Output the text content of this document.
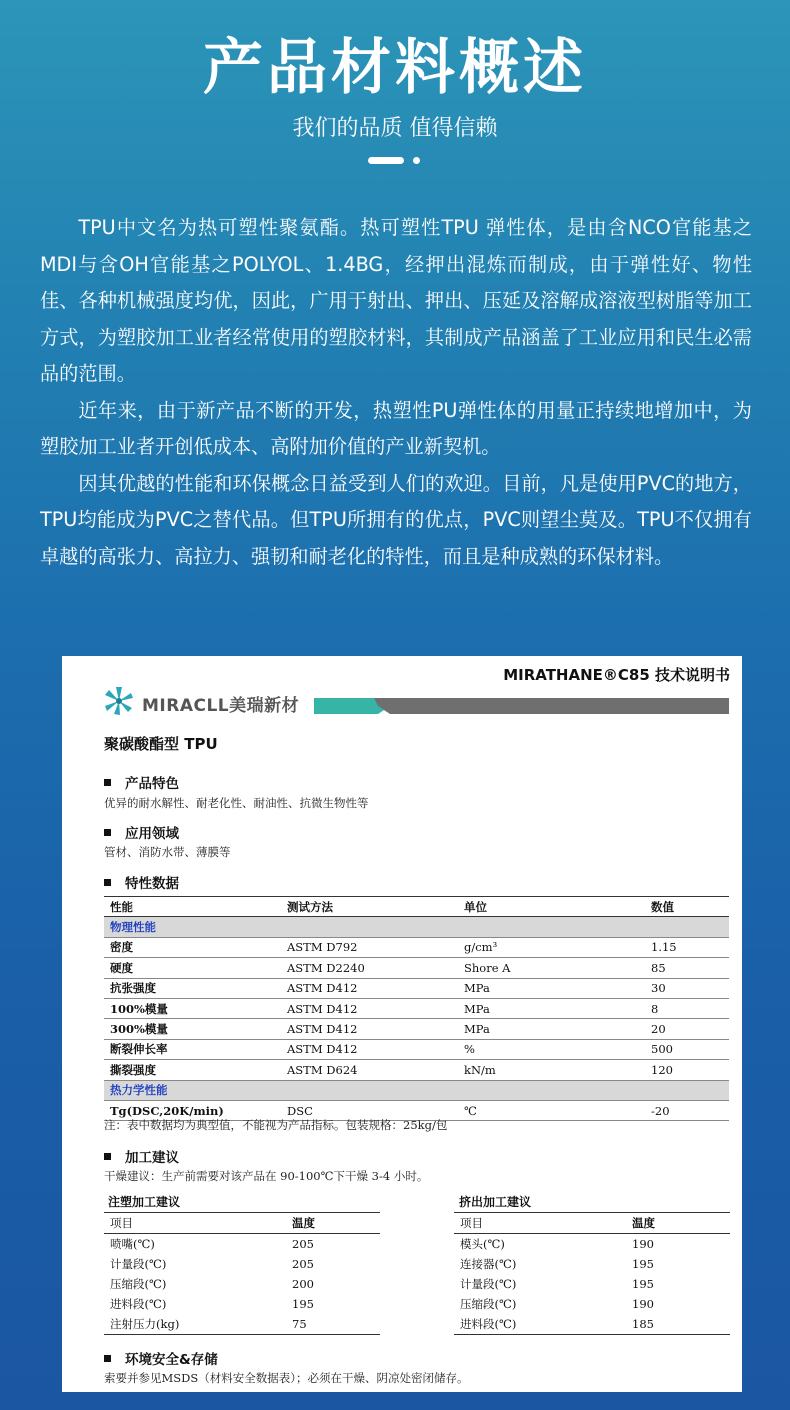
产品材料概述
我们的品质 值得信赖

TPU中文名为热可塑性聚氨酯。热可塑性TPU 弹性体，是由含NCO官能基之MDI与含OH官能基之POLYOL、1.4BG，经押出混炼而制成，由于弹性好、物性佳、各种机械强度均优，因此，广用于射出、押出、压延及溶解成溶液型树脂等加工方式，为塑胶加工业者经常使用的塑胶材料，其制成产品涵盖了工业应用和民生必需品的范围。

近年来，由于新产品不断的开发，热塑性PU弹性体的用量正持续地增加中，为塑胶加工业者开创低成本、高附加价值的产业新契机。

因其优越的性能和环保概念日益受到人们的欢迎。目前，凡是使用PVC的地方，TPU均能成为PVC之替代品。但TPU所拥有的优点，PVC则望尘莫及。TPU不仅拥有卓越的高张力、高拉力、强韧和耐老化的特性，而且是种成熟的环保材料。

MIRATHANE®C85 技术说明书
MIRACLL美瑞新材
聚碳酸酯型 TPU
产品特色
优异的耐水解性、耐老化性、耐油性、抗微生物性等
应用领域
管材、消防水带、薄膜等
特性数据
性能	测试方法	单位	数值
物理性能			
密度	ASTM D792	g/cm³	1.15
硬度	ASTM D2240	Shore A	85
抗张强度	ASTM D412	MPa	30
100%模量	ASTM D412	MPa	8
300%模量	ASTM D412	MPa	20
断裂伸长率	ASTM D412	%	500
撕裂强度	ASTM D624	kN/m	120
热力学性能			
Tg(DSC,20K/min)	DSC	℃	-20
注：表中数据均为典型值，不能视为产品指标。包装规格：25kg/包
加工建议
干燥建议：生产前需要对该产品在 90-100℃下干燥 3-4 小时。
注塑加工建议
项目	温度
喷嘴(℃)	205
计量段(℃)	205
压缩段(℃)	200
进料段(℃)	195
注射压力(kg)	75
挤出加工建议
项目	温度
模头(℃)	190
连接器(℃)	195
计量段(℃)	195
压缩段(℃)	190
进料段(℃)	185
环境安全&存储
索要并参见MSDS（材料安全数据表）；必须在干燥、阴凉处密闭储存。
